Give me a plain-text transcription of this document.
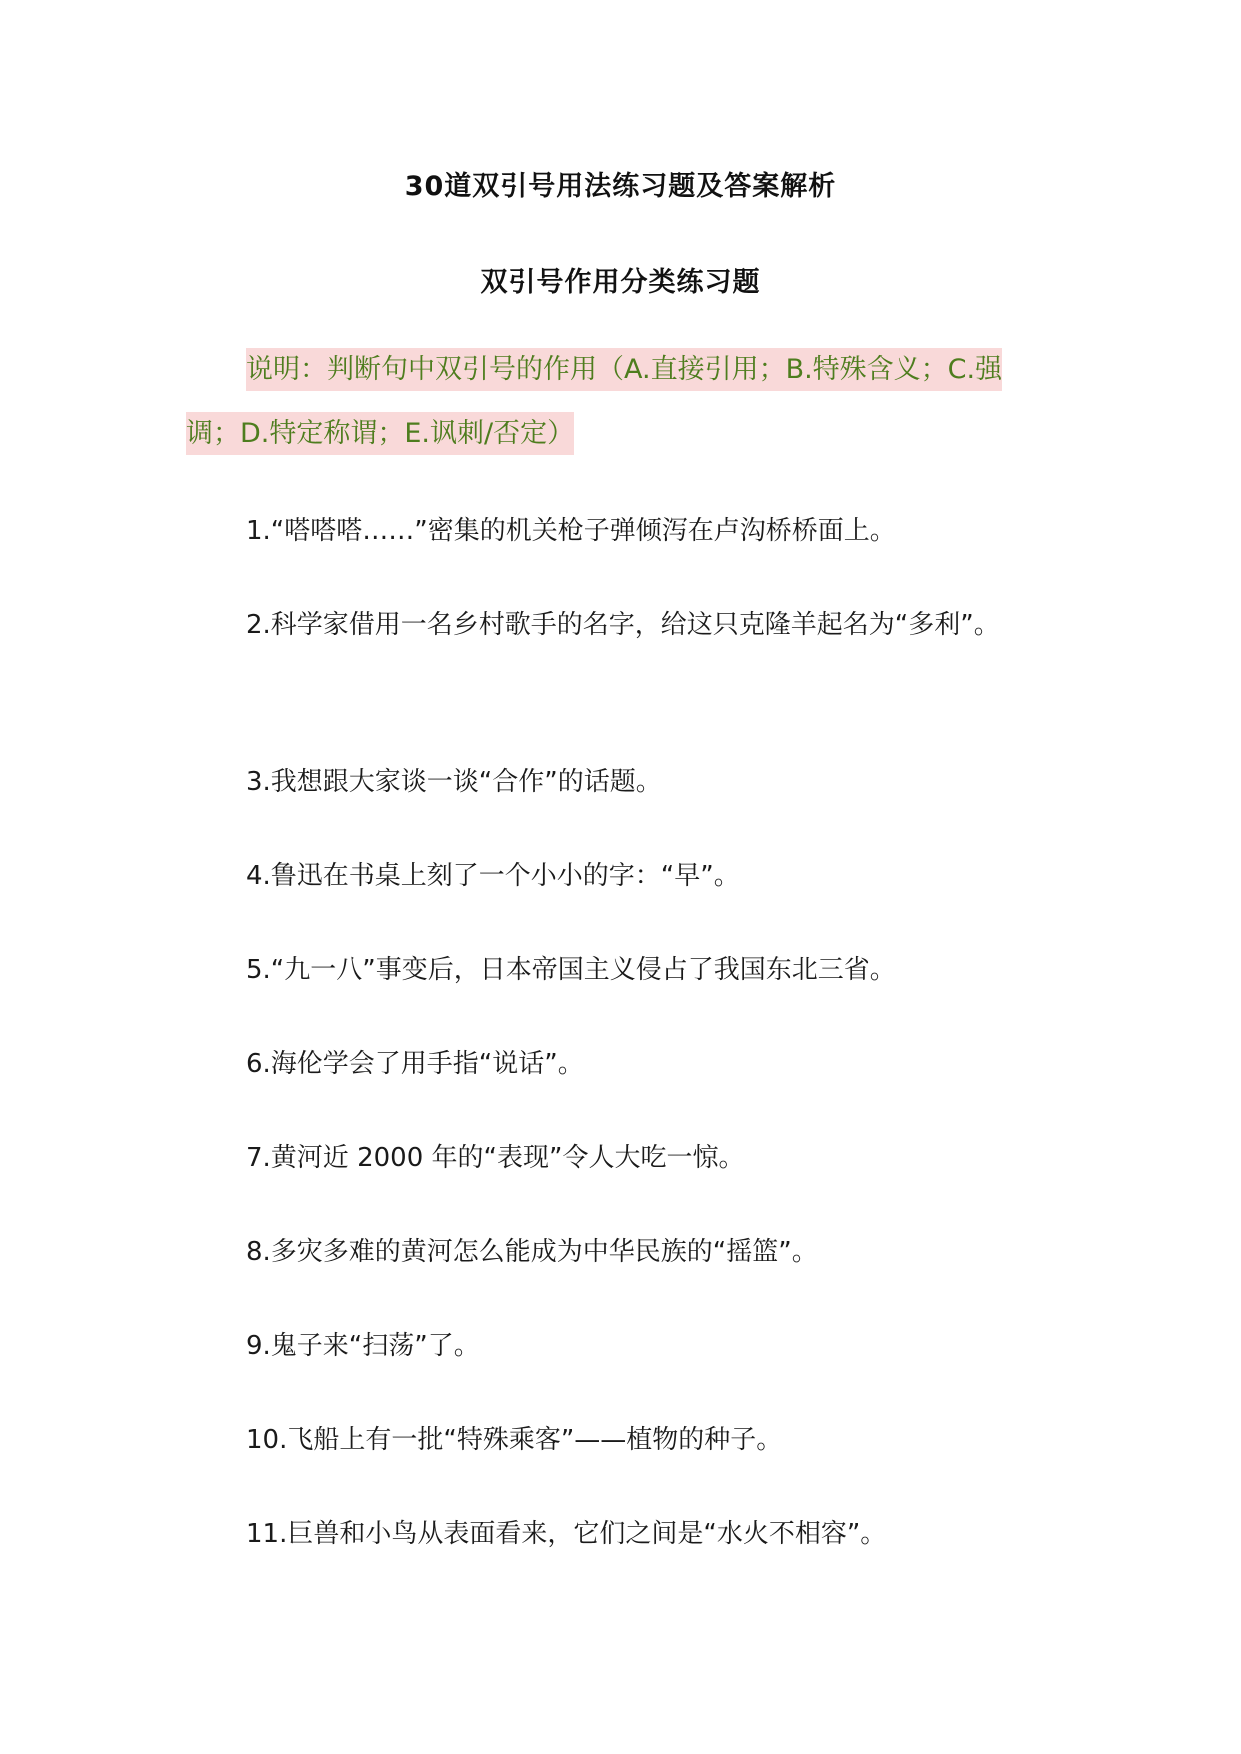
30道双引号用法练习题及答案解析
双引号作用分类练习题
说明：判断句中双引号的作用（A.直接引用；B.特殊含义；C.强调；D.特定称谓；E.讽刺/否定）
1.“嗒嗒嗒……”密集的机关枪子弹倾泻在卢沟桥桥面上。
2.科学家借用一名乡村歌手的名字，给这只克隆羊起名为“多利”。
3.我想跟大家谈一谈“合作”的话题。
4.鲁迅在书桌上刻了一个小小的字：“早”。
5.“九一八”事变后，日本帝国主义侵占了我国东北三省。
6.海伦学会了用手指“说话”。
7.黄河近 2000 年的“表现”令人大吃一惊。
8.多灾多难的黄河怎么能成为中华民族的“摇篮”。
9.鬼子来“扫荡”了。
10.飞船上有一批“特殊乘客”——植物的种子。
11.巨兽和小鸟从表面看来，它们之间是“水火不相容”。
